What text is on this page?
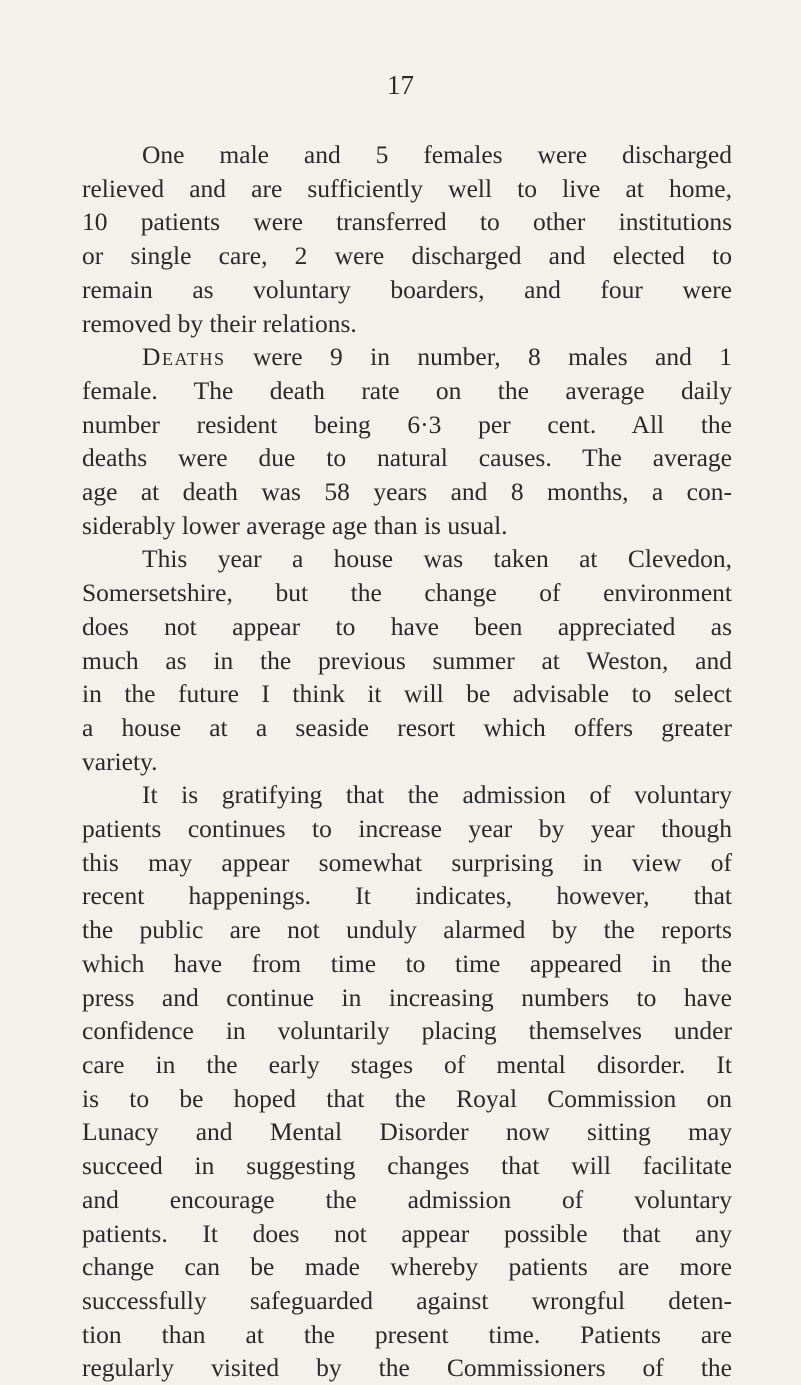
17
One male and 5 females were discharged
relieved and are sufficiently well to live at home,
10 patients were transferred to other institutions
or single care, 2 were discharged and elected to
remain as voluntary boarders, and four were
removed by their relations.
Deaths were 9 in number, 8 males and 1
female. The death rate on the average daily
number resident being 6·3 per cent. All the
deaths were due to natural causes. The average
age at death was 58 years and 8 months, a con-
siderably lower average age than is usual.
This year a house was taken at Clevedon,
Somersetshire, but the change of environment
does not appear to have been appreciated as
much as in the previous summer at Weston, and
in the future I think it will be advisable to select
a house at a seaside resort which offers greater
variety.
It is gratifying that the admission of voluntary
patients continues to increase year by year though
this may appear somewhat surprising in view of
recent happenings. It indicates, however, that
the public are not unduly alarmed by the reports
which have from time to time appeared in the
press and continue in increasing numbers to have
confidence in voluntarily placing themselves under
care in the early stages of mental disorder. It
is to be hoped that the Royal Commission on
Lunacy and Mental Disorder now sitting may
succeed in suggesting changes that will facilitate
and encourage the admission of voluntary
patients. It does not appear possible that any
change can be made whereby patients are more
successfully safeguarded against wrongful deten-
tion than at the present time. Patients are
regularly visited by the Commissioners of the
